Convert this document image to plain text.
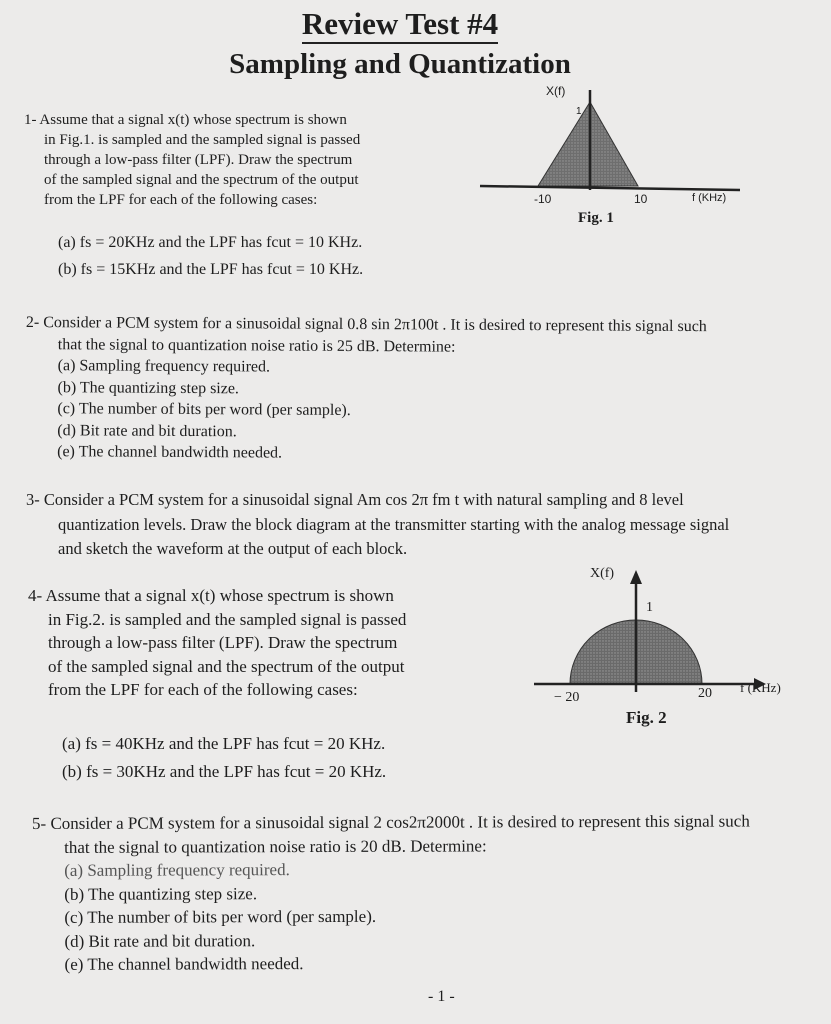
Review Test #4
Sampling and Quantization
1- Assume that a signal x(t) whose spectrum is shown
in Fig.1. is sampled and the sampled signal is passed
through a low-pass filter (LPF). Draw the spectrum
of the sampled signal and the spectrum of the output
from the LPF for each of the following cases:
(a) fs = 20KHz and the LPF has fcut = 10 KHz.
(b) fs = 15KHz and the LPF has fcut = 10 KHz.
X(f)
1
-10	10	f (KHz)
Fig. 1
2- Consider a PCM system for a sinusoidal signal 0.8 sin 2π100t . It is desired to represent this signal such
that the signal to quantization noise ratio is 25 dB. Determine:
(a) Sampling frequency required.
(b) The quantizing step size.
(c) The number of bits per word (per sample).
(d) Bit rate and bit duration.
(e) The channel bandwidth needed.
3- Consider a PCM system for a sinusoidal signal Am cos 2π fm t with natural sampling and 8 level
quantization levels. Draw the block diagram at the transmitter starting with the analog message signal
and sketch the waveform at the output of each block.
4- Assume that a signal x(t) whose spectrum is shown
in Fig.2. is sampled and the sampled signal is passed
through a low-pass filter (LPF). Draw the spectrum
of the sampled signal and the spectrum of the output
from the LPF for each of the following cases:
(a) fs = 40KHz and the LPF has fcut = 20 KHz.
(b) fs = 30KHz and the LPF has fcut = 20 KHz.
X(f)
1
− 20	20 f (KHz)
Fig. 2
5- Consider a PCM system for a sinusoidal signal 2 cos2π2000t . It is desired to represent this signal such
that the signal to quantization noise ratio is 20 dB. Determine:
(a) Sampling frequency required.
(b) The quantizing step size.
(c) The number of bits per word (per sample).
(d) Bit rate and bit duration.
(e) The channel bandwidth needed.
- 1 -
